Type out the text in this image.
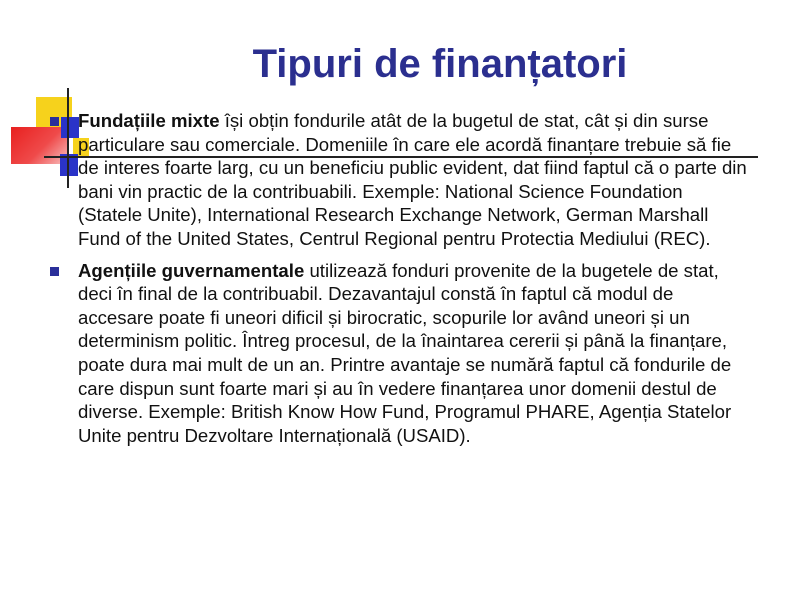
Tipuri de finanțatori
Fundațiile mixte își obțin fondurile atât de la bugetul de stat, cât și din surse particulare sau comerciale. Domeniile în care ele acordă finanțare trebuie să fie de interes foarte larg, cu un beneficiu public evident, dat fiind faptul că o parte din bani vin practic de la contribuabili. Exemple: National Science Foundation (Statele Unite), International Research Exchange Network, German Marshall Fund of the United States, Centrul Regional pentru Protectia Mediului (REC).
Agențiile guvernamentale utilizează fonduri provenite de la bugetele de stat, deci în final de la contribuabil. Dezavantajul constă în faptul că modul de accesare poate fi uneori dificil și birocratic, scopurile lor având uneori și un determinism politic. Întreg procesul, de la înaintarea cererii și până la finanțare, poate dura mai mult de un an. Printre avantaje se numără faptul că fondurile de care dispun sunt foarte mari și au în vedere finanțarea unor domenii destul de diverse. Exemple: British Know How Fund, Programul PHARE, Agenția Statelor Unite pentru Dezvoltare Internațională (USAID).
